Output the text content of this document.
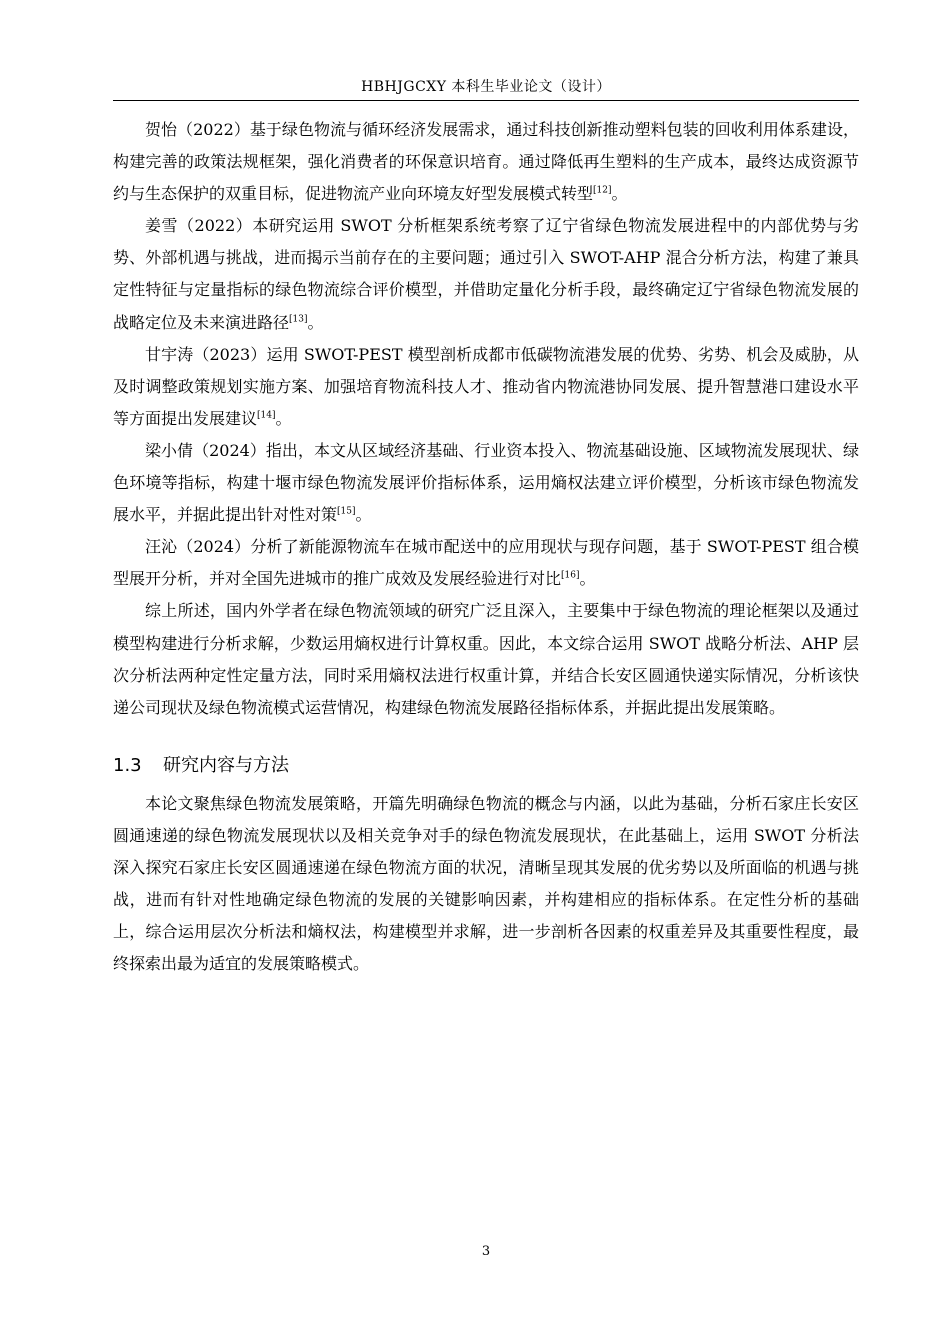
HBHJGCXY 本科生毕业论文（设计）

贺怡（2022）基于绿色物流与循环经济发展需求，通过科技创新推动塑料包装的回收利用体系建设，构建完善的政策法规框架，强化消费者的环保意识培育。通过降低再生塑料的生产成本，最终达成资源节约与生态保护的双重目标，促进物流产业向环境友好型发展模式转型[12]。

姜雪（2022）本研究运用 SWOT 分析框架系统考察了辽宁省绿色物流发展进程中的内部优势与劣势、外部机遇与挑战，进而揭示当前存在的主要问题；通过引入 SWOT-AHP 混合分析方法，构建了兼具定性特征与定量指标的绿色物流综合评价模型，并借助定量化分析手段，最终确定辽宁省绿色物流发展的战略定位及未来演进路径[13]。

甘宇涛（2023）运用 SWOT-PEST 模型剖析成都市低碳物流港发展的优势、劣势、机会及威胁，从及时调整政策规划实施方案、加强培育物流科技人才、推动省内物流港协同发展、提升智慧港口建设水平等方面提出发展建议[14]。

梁小倩（2024）指出，本文从区域经济基础、行业资本投入、物流基础设施、区域物流发展现状、绿色环境等指标，构建十堰市绿色物流发展评价指标体系，运用熵权法建立评价模型，分析该市绿色物流发展水平，并据此提出针对性对策[15]。

汪沁（2024）分析了新能源物流车在城市配送中的应用现状与现存问题，基于 SWOT-PEST 组合模型展开分析，并对全国先进城市的推广成效及发展经验进行对比[16]。

综上所述，国内外学者在绿色物流领域的研究广泛且深入，主要集中于绿色物流的理论框架以及通过模型构建进行分析求解，少数运用熵权进行计算权重。因此，本文综合运用 SWOT 战略分析法、AHP 层次分析法两种定性定量方法，同时采用熵权法进行权重计算，并结合长安区圆通快递实际情况，分析该快递公司现状及绿色物流模式运营情况，构建绿色物流发展路径指标体系，并据此提出发展策略。

1.3 研究内容与方法

本论文聚焦绿色物流发展策略，开篇先明确绿色物流的概念与内涵，以此为基础，分析石家庄长安区圆通速递的绿色物流发展现状以及相关竞争对手的绿色物流发展现状，在此基础上，运用 SWOT 分析法深入探究石家庄长安区圆通速递在绿色物流方面的状况，清晰呈现其发展的优劣势以及所面临的机遇与挑战，进而有针对性地确定绿色物流的发展的关键影响因素，并构建相应的指标体系。在定性分析的基础上，综合运用层次分析法和熵权法，构建模型并求解，进一步剖析各因素的权重差异及其重要性程度，最终探索出最为适宜的发展策略模式。

3
